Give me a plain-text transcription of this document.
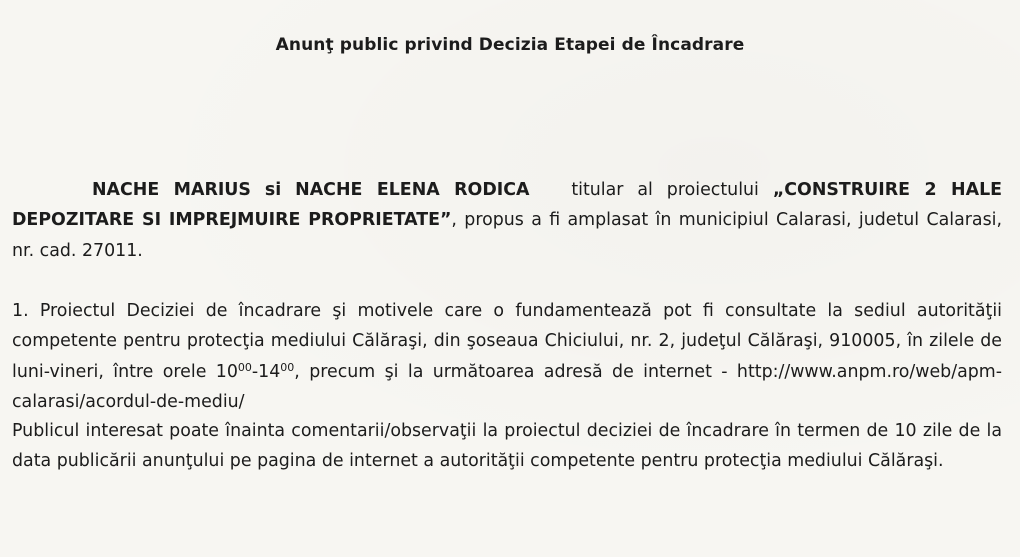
Anunţ public privind Decizia Etapei de Încadrare

NACHE MARIUS si NACHE ELENA RODICA titular al proiectului „CONSTRUIRE 2 HALE DEPOZITARE SI IMPREJMUIRE PROPRIETATE”, propus a fi amplasat în municipiul Calarasi, judetul Calarasi, nr. cad. 27011.

1. Proiectul Deciziei de încadrare şi motivele care o fundamentează pot fi consultate la sediul autorităţii competente pentru protecţia mediului Călăraşi, din şoseaua Chiciului, nr. 2, judeţul Călăraşi, 910005, în zilele de luni-vineri, între orele $10^{00}-14^{00}$, precum şi la următoarea adresă de internet - http://www.anpm.ro/web/apm-calarasi/acordul-de-mediu/

Publicul interesat poate înainta comentarii/observaţii la proiectul deciziei de încadrare în termen de 10 zile de la data publicării anunţului pe pagina de internet a autorităţii competente pentru protecţia mediului Călăraşi.
